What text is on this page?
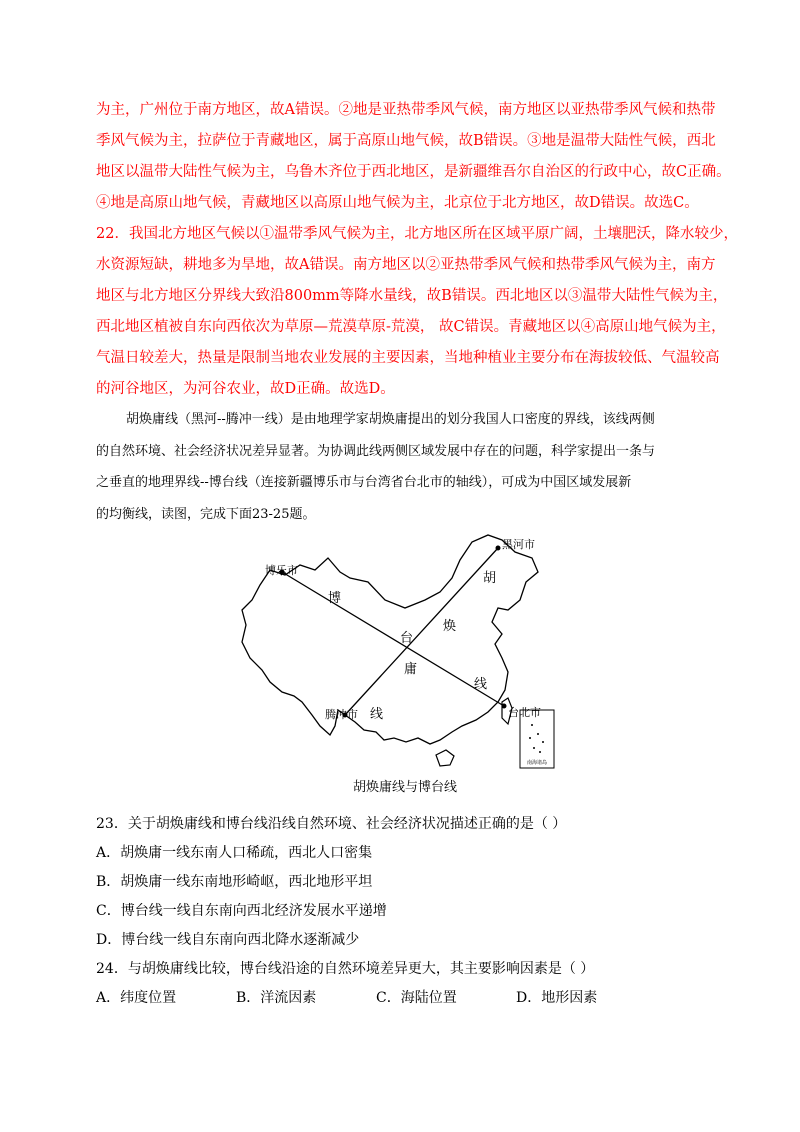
为主，广州位于南方地区，故A错误。②地是亚热带季风气候，南方地区以亚热带季风气候和热带

季风气候为主，拉萨位于青藏地区，属于高原山地气候，故B错误。③地是温带大陆性气候，西北

地区以温带大陆性气候为主，乌鲁木齐位于西北地区，是新疆维吾尔自治区的行政中心，故C正确。

④地是高原山地气候，青藏地区以高原山地气候为主，北京位于北方地区，故D错误。故选C。

22．我国北方地区气候以①温带季风气候为主，北方地区所在区域平原广阔，土壤肥沃，降水较少，

水资源短缺，耕地多为旱地，故A错误。南方地区以②亚热带季风气候和热带季风气候为主，南方

地区与北方地区分界线大致沿800mm等降水量线，故B错误。西北地区以③温带大陆性气候为主，

西北地区植被自东向西依次为草原—荒漠草原-荒漠， 故C错误。青藏地区以④高原山地气候为主，

气温日较差大，热量是限制当地农业发展的主要因素，当地种植业主要分布在海拔较低、气温较高

的河谷地区，为河谷农业，故D正确。故选D。

胡焕庸线（黑河--腾冲一线）是由地理学家胡焕庸提出的划分我国人口密度的界线，该线两侧

的自然环境、社会经济状况差异显著。为协调此线两侧区域发展中存在的问题，科学家提出一条与

之垂直的地理界线--博台线（连接新疆博乐市与台湾省台北市的轴线），可成为中国区域发展新

的均衡线，读图，完成下面23-25题。

南海诸岛
黑河市
博乐市
腾冲市	台北市
胡
焕
庸
线
博
台
线
胡焕庸线与博台线

23．关于胡焕庸线和博台线沿线自然环境、社会经济状况描述正确的是（ ）

A．胡焕庸一线东南人口稀疏，西北人口密集

B．胡焕庸一线东南地形崎岖，西北地形平坦

C．博台线一线自东南向西北经济发展水平递增

D．博台线一线自东南向西北降水逐渐减少

24．与胡焕庸线比较，博台线沿途的自然环境差异更大，其主要影响因素是（ ）

A．纬度位置	B．洋流因素	C．海陆位置	D．地形因素
